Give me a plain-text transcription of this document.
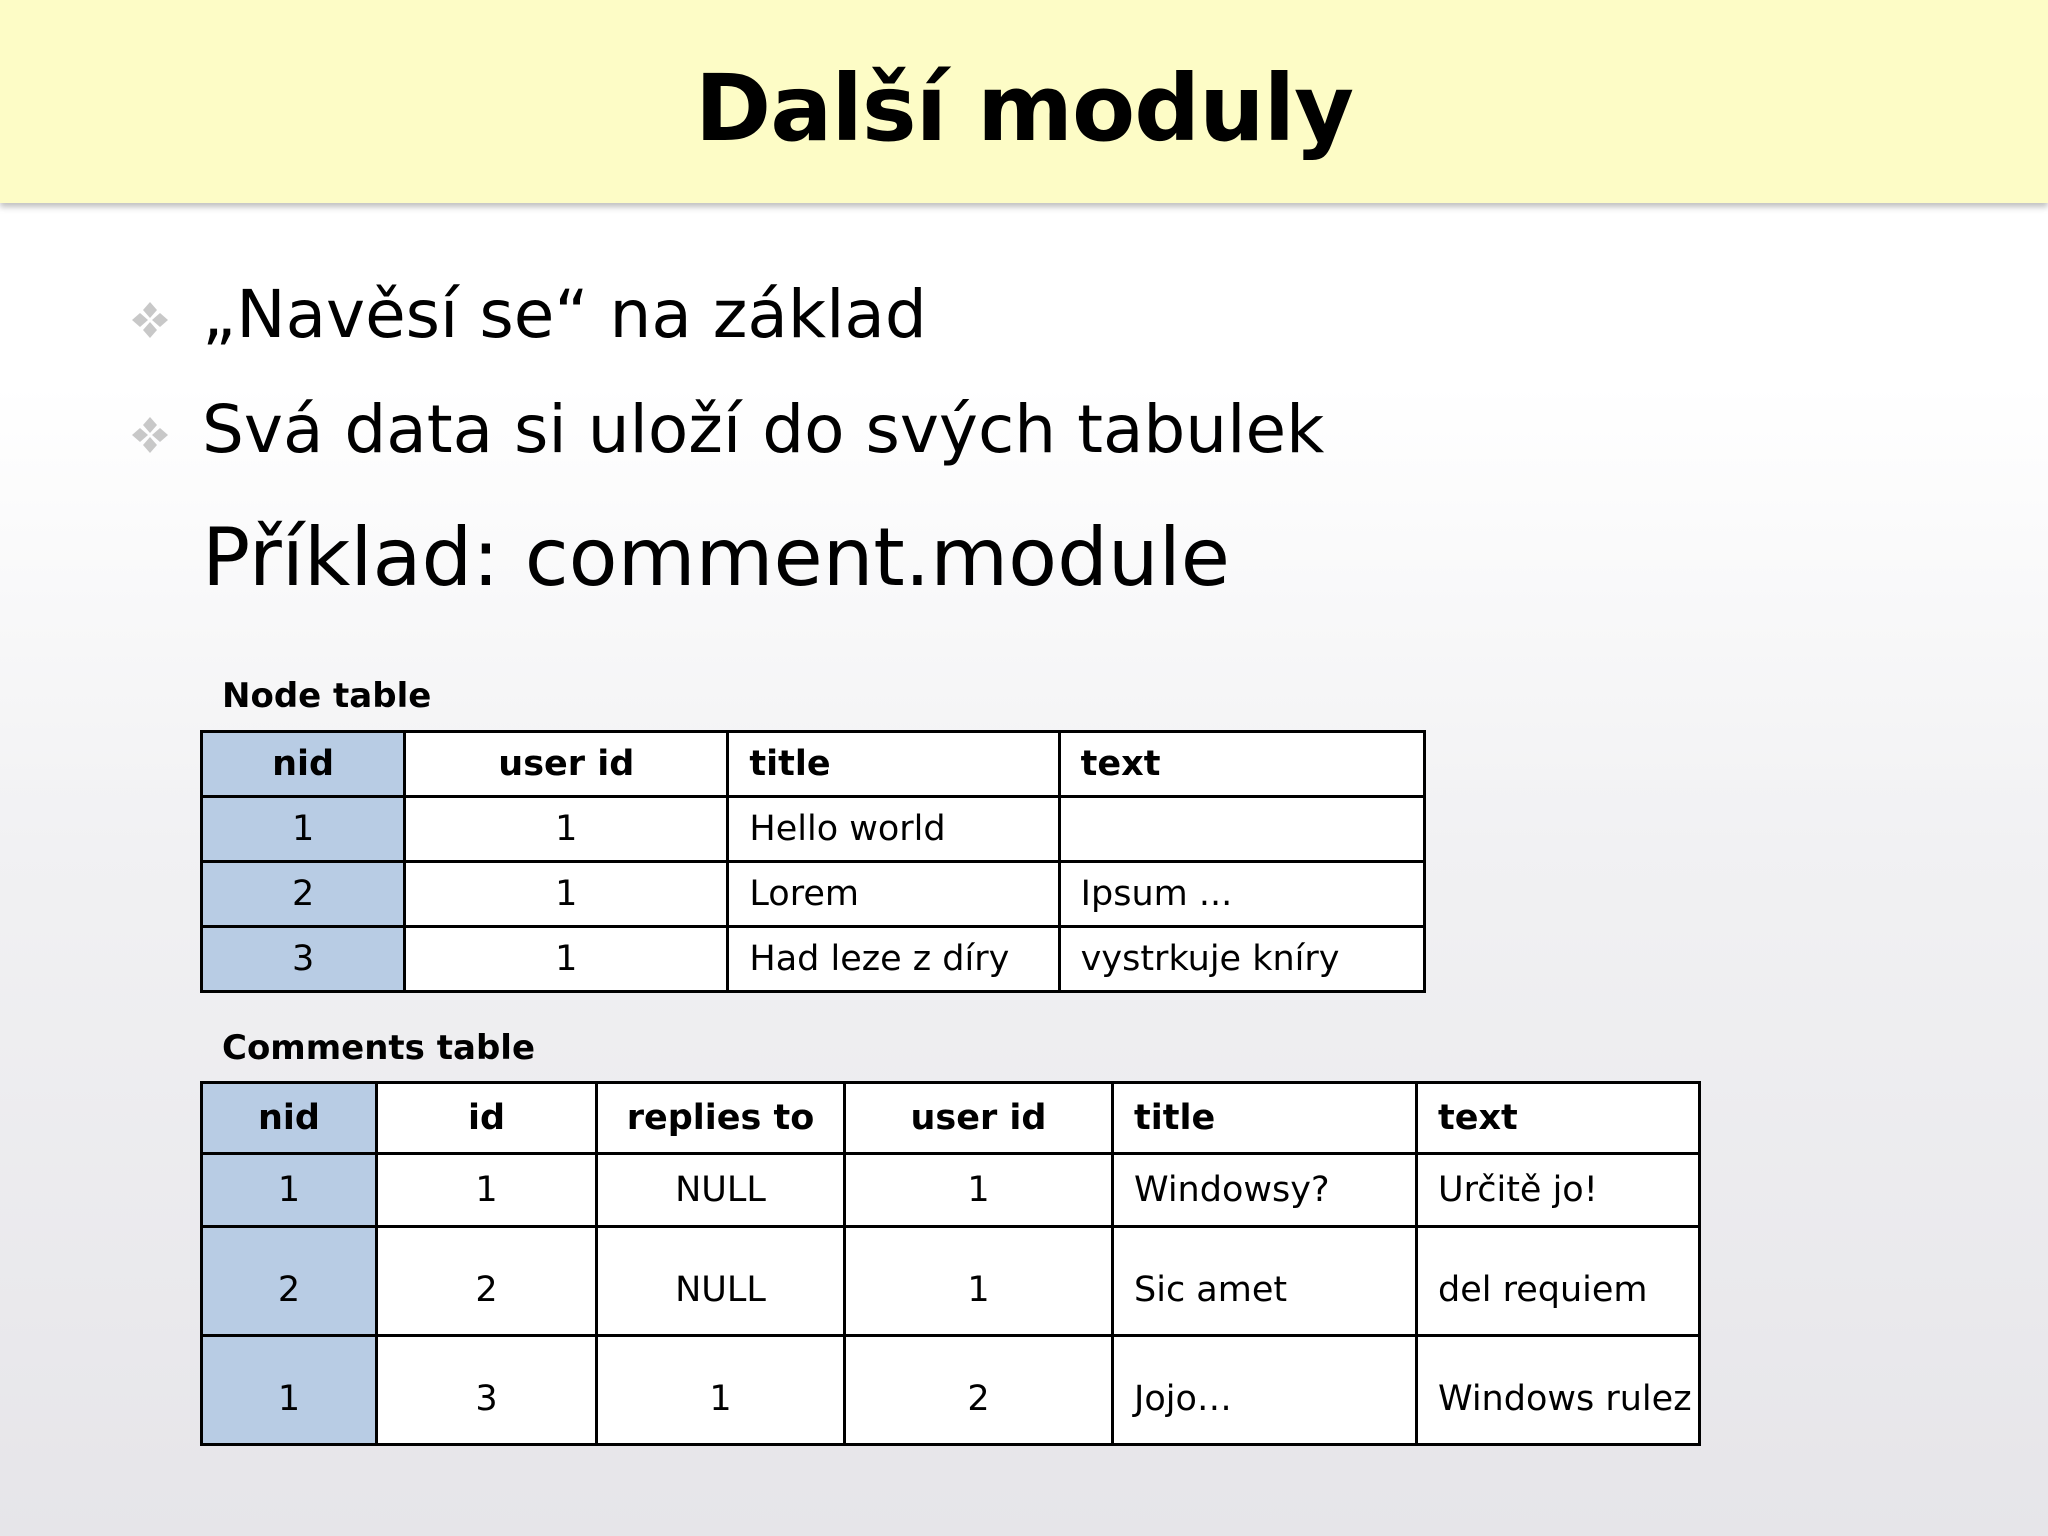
Další moduly
„Navěsí se“ na základ
Svá data si uloží do svých tabulek
Příklad: comment.module
Node table
nid	user id	title	text
1	1	Hello world	
2	1	Lorem	Ipsum ...
3	1	Had leze z díry	vystrkuje kníry
Comments table
nid	id	replies to	user id	title	text
1	1	NULL	1	Windowsy?	Určitě jo!
2	2	NULL	1	Sic amet	del requiem
1	3	1	2	Jojo…	Windows rulez
